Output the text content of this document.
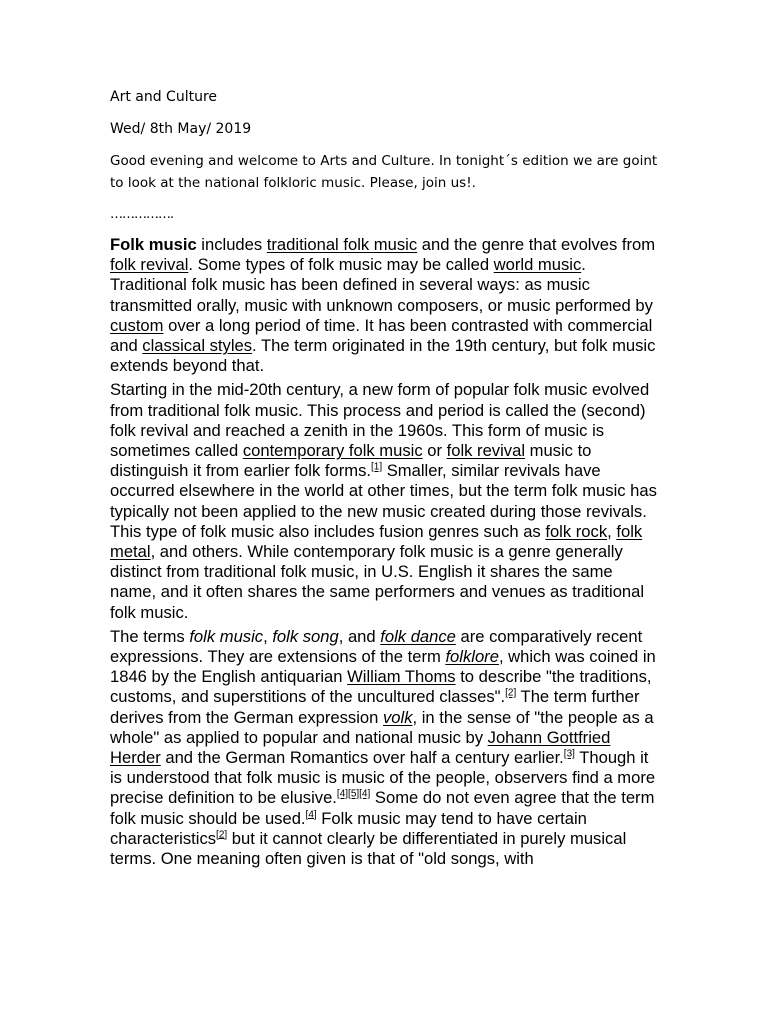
Art and Culture
Wed/ 8th May/ 2019
Good evening and welcome to Arts and Culture. In tonight´s edition we are goint to look at the national folkloric music. Please, join us!.
…………….

Folk music includes traditional folk music and the genre that evolves from folk revival. Some types of folk music may be called world music. Traditional folk music has been defined in several ways: as music transmitted orally, music with unknown composers, or music performed by custom over a long period of time. It has been contrasted with commercial and classical styles. The term originated in the 19th century, but folk music extends beyond that.

Starting in the mid-20th century, a new form of popular folk music evolved from traditional folk music. This process and period is called the (second) folk revival and reached a zenith in the 1960s. This form of music is sometimes called contemporary folk music or folk revival music to distinguish it from earlier folk forms.[1] Smaller, similar revivals have occurred elsewhere in the world at other times, but the term folk music has typically not been applied to the new music created during those revivals. This type of folk music also includes fusion genres such as folk rock, folk metal, and others. While contemporary folk music is a genre generally distinct from traditional folk music, in U.S. English it shares the same name, and it often shares the same performers and venues as traditional folk music.

The terms folk music, folk song, and folk dance are comparatively recent expressions. They are extensions of the term folklore, which was coined in 1846 by the English antiquarian William Thoms to describe "the traditions, customs, and superstitions of the uncultured classes".[2] The term further derives from the German expression volk, in the sense of "the people as a whole" as applied to popular and national music by Johann Gottfried Herder and the German Romantics over half a century earlier.[3] Though it is understood that folk music is music of the people, observers find a more precise definition to be elusive.[4][5][4] Some do not even agree that the term folk music should be used.[4] Folk music may tend to have certain characteristics[2] but it cannot clearly be differentiated in purely musical terms. One meaning often given is that of "old songs, with
